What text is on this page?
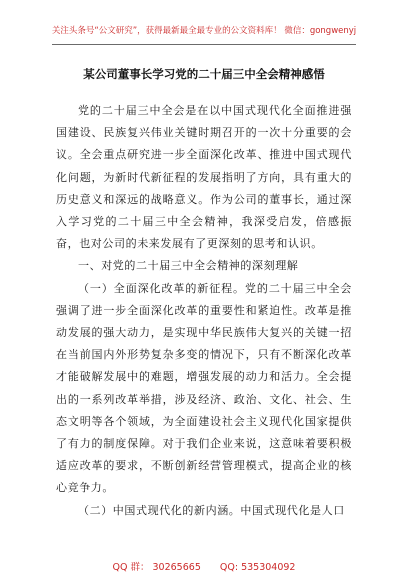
关注头条号“公文研究”，获得最新最全最专业的公文资料库！ 微信：gongwenyj
某公司董事长学习党的二十届三中全会精神感悟

党的二十届三中全会是在以中国式现代化全面推进强国建设、民族复兴伟业关键时期召开的一次十分重要的会议。全会重点研究进一步全面深化改革、推进中国式现代化问题，为新时代新征程的发展指明了方向，具有重大的历史意义和深远的战略意义。作为公司的董事长，通过深入学习党的二十届三中全会精神，我深受启发，倍感振奋，也对公司的未来发展有了更深刻的思考和认识。

一、对党的二十届三中全会精神的深刻理解

（一）全面深化改革的新征程。党的二十届三中全会强调了进一步全面深化改革的重要性和紧迫性。改革是推动发展的强大动力，是实现中华民族伟大复兴的关键一招在当前国内外形势复杂多变的情况下，只有不断深化改革才能破解发展中的难题，增强发展的动力和活力。全会提出的一系列改革举措，涉及经济、政治、文化、社会、生态文明等各个领域，为全面建设社会主义现代化国家提供了有力的制度保障。对于我们企业来说，这意味着要积极适应改革的要求，不断创新经营管理模式，提高企业的核心竞争力。

（二）中国式现代化的新内涵。中国式现代化是人口

QQ 群： 30265665 QQ: 535304092
